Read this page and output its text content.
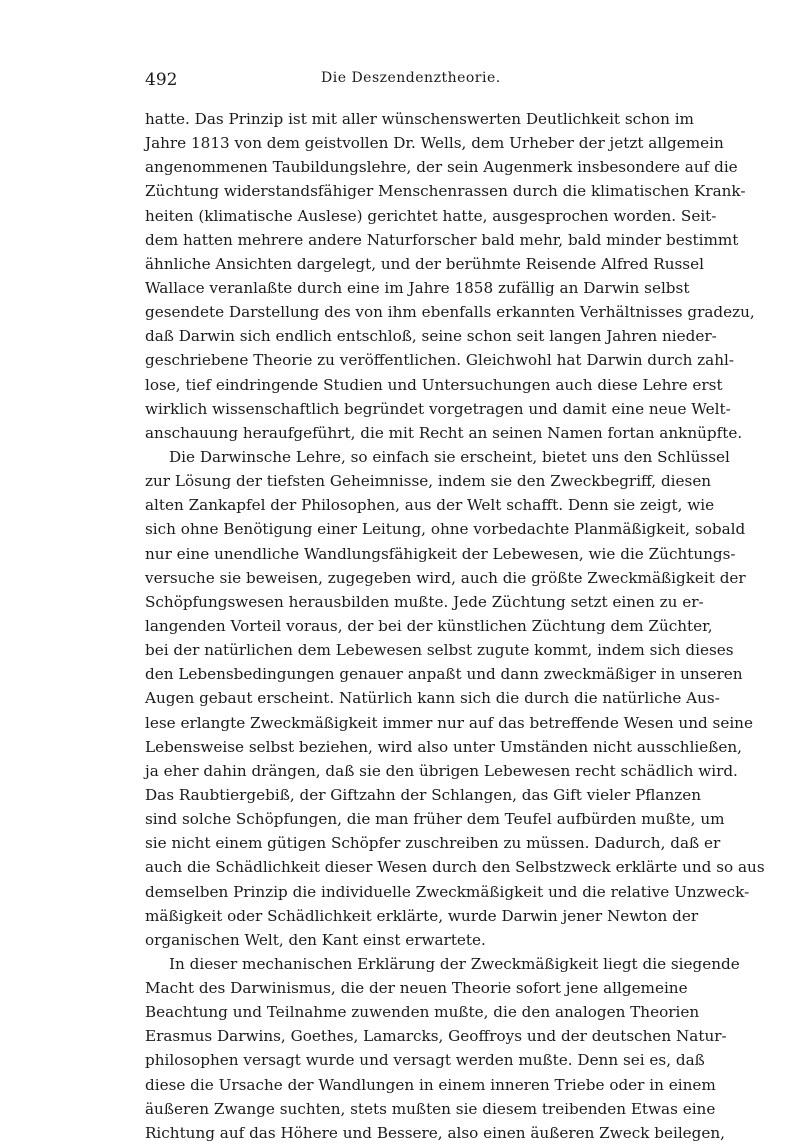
492	Die Deszendenztheorie.
hatte. Das Prinzip ist mit aller wünschenswerten Deutlichkeit schon im
Jahre 1813 von dem geistvollen Dr. Wells, dem Urheber der jetzt allgemein
angenommenen Taubildungslehre, der sein Augenmerk insbesondere auf die
Züchtung widerstandsfähiger Menschenrassen durch die klimatischen Krank-
heiten (klimatische Auslese) gerichtet hatte, ausgesprochen worden. Seit-
dem hatten mehrere andere Naturforscher bald mehr, bald minder bestimmt
ähnliche Ansichten dargelegt, und der berühmte Reisende Alfred Russel
Wallace veranlaßte durch eine im Jahre 1858 zufällig an Darwin selbst
gesendete Darstellung des von ihm ebenfalls erkannten Verhältnisses gradezu,
daß Darwin sich endlich entschloß, seine schon seit langen Jahren nieder-
geschriebene Theorie zu veröffentlichen. Gleichwohl hat Darwin durch zahl-
lose, tief eindringende Studien und Untersuchungen auch diese Lehre erst
wirklich wissenschaftlich begründet vorgetragen und damit eine neue Welt-
anschauung heraufgeführt, die mit Recht an seinen Namen fortan anknüpfte.
Die Darwinsche Lehre, so einfach sie erscheint, bietet uns den Schlüssel
zur Lösung der tiefsten Geheimnisse, indem sie den Zweckbegriff, diesen
alten Zankapfel der Philosophen, aus der Welt schafft. Denn sie zeigt, wie
sich ohne Benötigung einer Leitung, ohne vorbedachte Planmäßigkeit, sobald
nur eine unendliche Wandlungsfähigkeit der Lebewesen, wie die Züchtungs-
versuche sie beweisen, zugegeben wird, auch die größte Zweckmäßigkeit der
Schöpfungswesen herausbilden mußte. Jede Züchtung setzt einen zu er-
langenden Vorteil voraus, der bei der künstlichen Züchtung dem Züchter,
bei der natürlichen dem Lebewesen selbst zugute kommt, indem sich dieses
den Lebensbedingungen genauer anpaßt und dann zweckmäßiger in unseren
Augen gebaut erscheint. Natürlich kann sich die durch die natürliche Aus-
lese erlangte Zweckmäßigkeit immer nur auf das betreffende Wesen und seine
Lebensweise selbst beziehen, wird also unter Umständen nicht ausschließen,
ja eher dahin drängen, daß sie den übrigen Lebewesen recht schädlich wird.
Das Raubtiergebiß, der Giftzahn der Schlangen, das Gift vieler Pflanzen
sind solche Schöpfungen, die man früher dem Teufel aufbürden mußte, um
sie nicht einem gütigen Schöpfer zuschreiben zu müssen. Dadurch, daß er
auch die Schädlichkeit dieser Wesen durch den Selbstzweck erklärte und so aus
demselben Prinzip die individuelle Zweckmäßigkeit und die relative Unzweck-
mäßigkeit oder Schädlichkeit erklärte, wurde Darwin jener Newton der
organischen Welt, den Kant einst erwartete.
In dieser mechanischen Erklärung der Zweckmäßigkeit liegt die siegende
Macht des Darwinismus, die der neuen Theorie sofort jene allgemeine
Beachtung und Teilnahme zuwenden mußte, die den analogen Theorien
Erasmus Darwins, Goethes, Lamarcks, Geoffroys und der deutschen Natur-
philosophen versagt wurde und versagt werden mußte. Denn sei es, daß
diese die Ursache der Wandlungen in einem inneren Triebe oder in einem
äußeren Zwange suchten, stets mußten sie diesem treibenden Etwas eine
Richtung auf das Höhere und Bessere, also einen äußeren Zweck beilegen,
